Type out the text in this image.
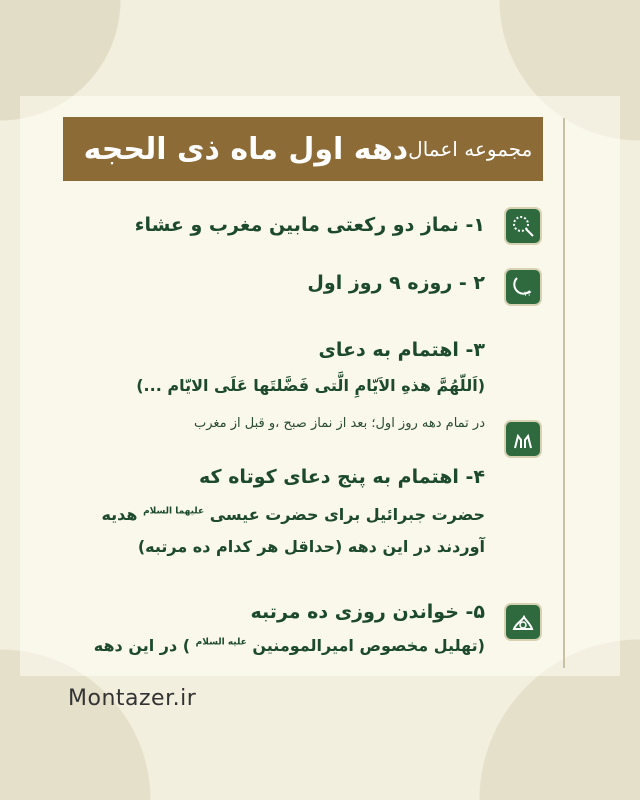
مجموعه اعمال
دهه اول ماه ذی الحجه
۱- نماز دو رکعتی مابین مغرب و عشاء
۲۲
۲ - روزه ۹ روز اول
۳- اهتمام به دعای
(اَللّهُمَّ هذهِ الاَیّامِ الَّتی فَضَّلتَها عَلَی الایّام ...)
در تمام دهه روز اول؛ بعد از نماز صبح ،و قبل از مغرب
۴- اهتمام به پنج دعای کوتاه که
حضرت جبرائیل برای حضرت عیسی $^{علیهما السلام}$ هدیه
آوردند در این دهه (حداقل هر کدام ده مرتبه)
۵- خواندن روزی ده مرتبه
(تهلیل مخصوص امیرالمومنین $^{علیه السلام}$ ) در این دهه
Montazer.ir
